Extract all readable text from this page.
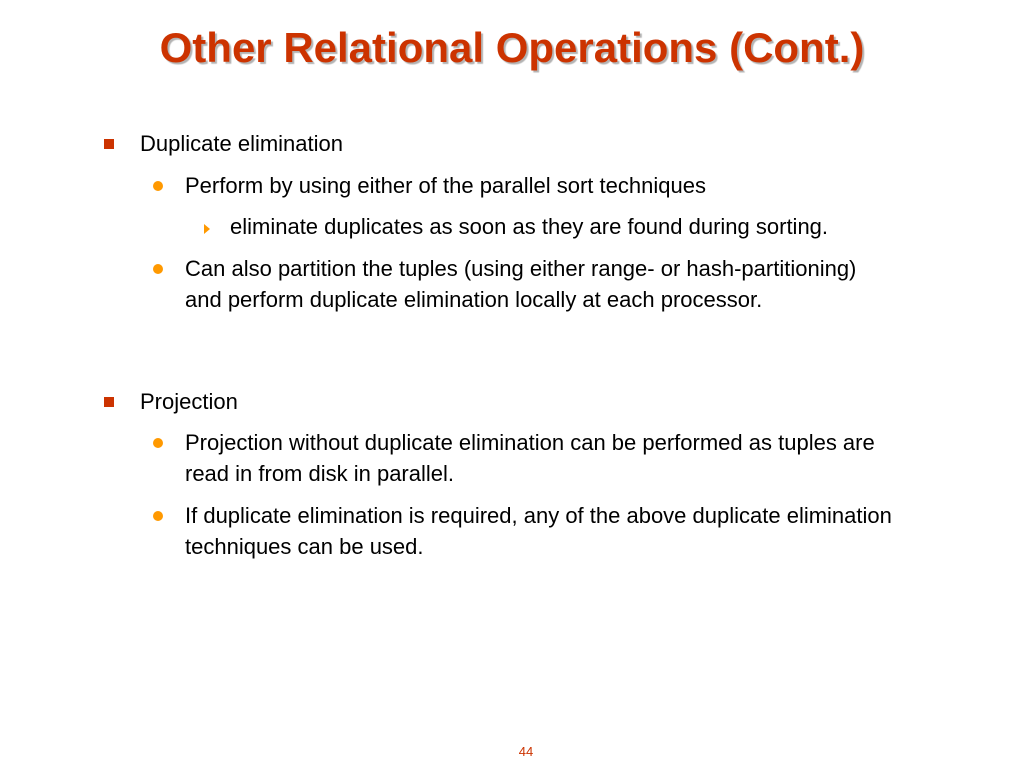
Other Relational Operations (Cont.)
Duplicate elimination
Perform by using either of the parallel sort techniques
eliminate duplicates as soon as they are found during sorting.
Can also partition the tuples (using either range- or hash-partitioning) and perform duplicate elimination locally at each processor.
Projection
Projection without duplicate elimination can be performed as tuples are read in from disk in parallel.
If duplicate elimination is required, any of the above duplicate elimination techniques can be used.
44
